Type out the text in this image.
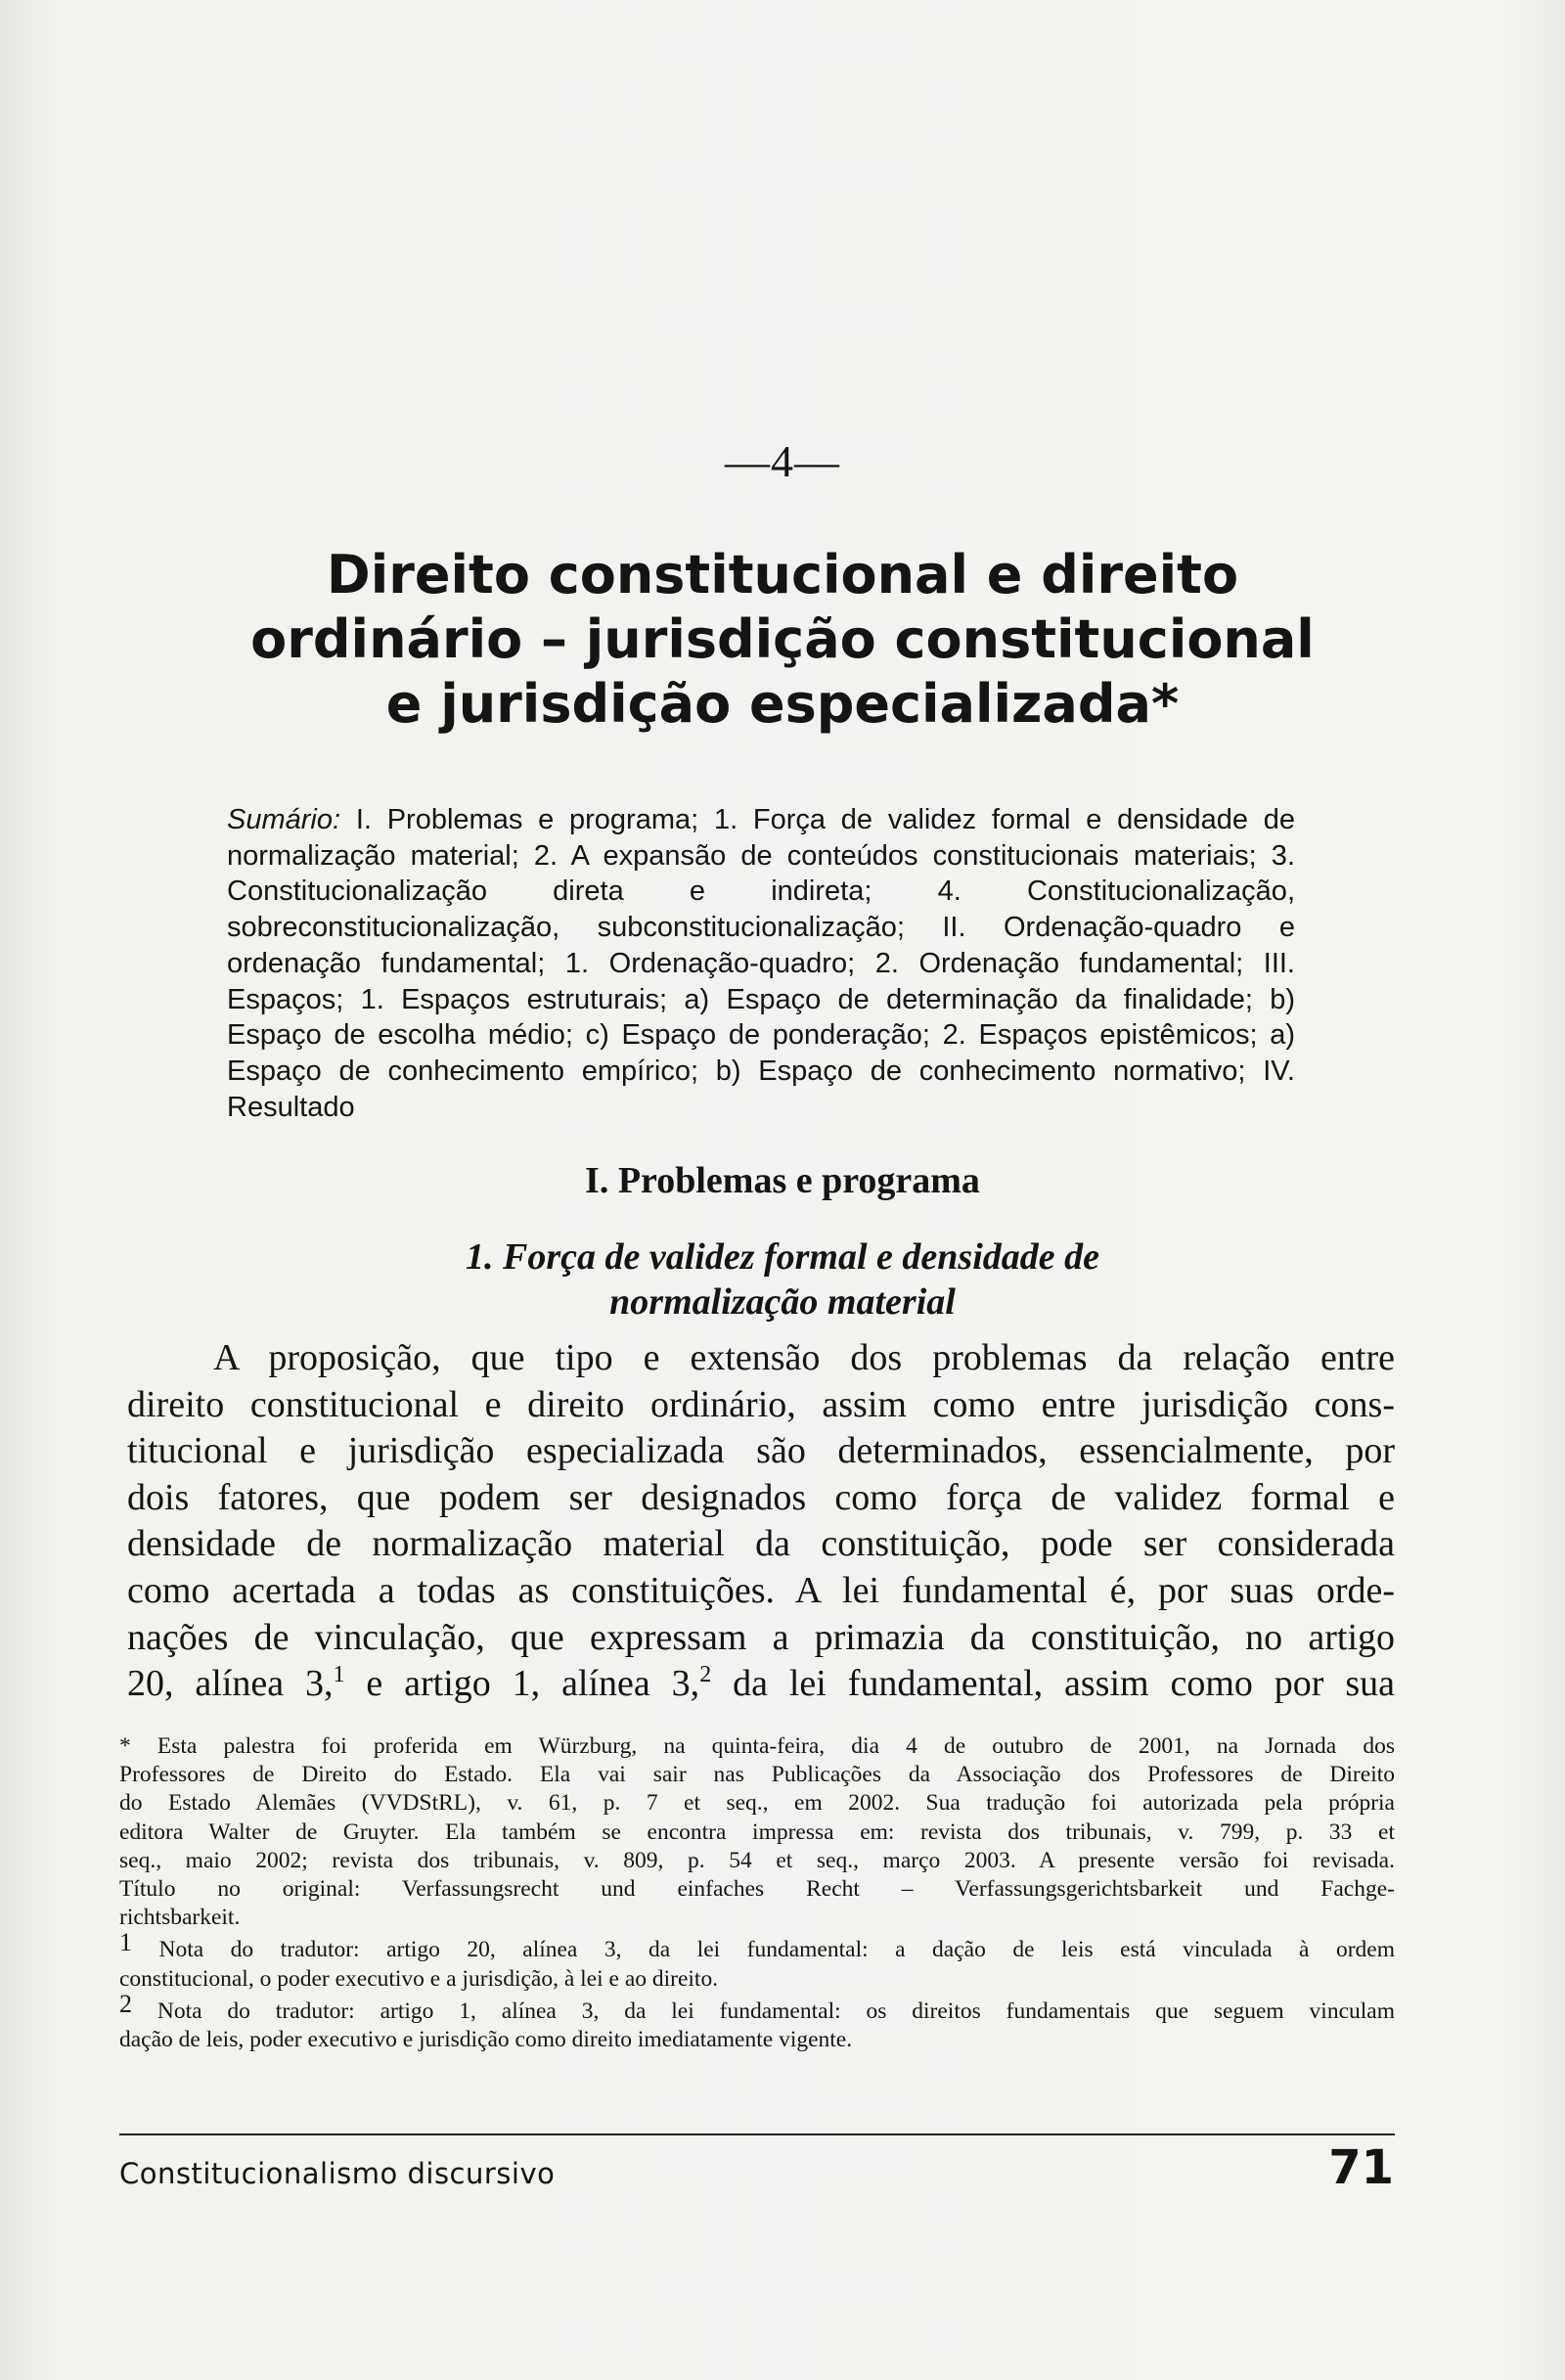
—4—
Direito constitucional e direito
ordinário – jurisdição constitucional
e jurisdição especializada*
Sumário: I. Problemas e programa; 1. Força de validez formal e densidade de normalização material; 2. A expansão de conteúdos constitucionais materiais; 3. Constitucionalização direta e indireta; 4. Constitucionalização, sobreconstitucionalização, subconstitucionalização; II. Ordenação-quadro e ordenação fundamental; 1. Ordenação-quadro; 2. Ordenação fundamental; III. Espaços; 1. Espaços estruturais; a) Espaço de determinação da finalidade; b) Espaço de escolha médio; c) Espaço de ponderação; 2. Espaços epistêmicos; a) Espaço de conhecimento empírico; b) Espaço de conhecimento normativo; IV. Resultado
I. Problemas e programa
1. Força de validez formal e densidade de
normalização material
A proposição, que tipo e extensão dos problemas da relação entre
direito constitucional e direito ordinário, assim como entre jurisdição cons-
titucional e jurisdição especializada são determinados, essencialmente, por
dois fatores, que podem ser designados como força de validez formal e
densidade de normalização material da constituição, pode ser considerada
como acertada a todas as constituições. A lei fundamental é, por suas orde-
nações de vinculação, que expressam a primazia da constituição, no artigo
20, alínea 3,$^1$ e artigo 1, alínea 3,$^2$ da lei fundamental, assim como por sua
* Esta palestra foi proferida em Würzburg, na quinta-feira, dia 4 de outubro de 2001, na Jornada dos
Professores de Direito do Estado. Ela vai sair nas Publicações da Associação dos Professores de Direito
do Estado Alemães (VVDStRL), v. 61, p. 7 et seq., em 2002. Sua tradução foi autorizada pela própria
editora Walter de Gruyter. Ela também se encontra impressa em: revista dos tribunais, v. 799, p. 33 et
seq., maio 2002; revista dos tribunais, v. 809, p. 54 et seq., março 2003. A presente versão foi revisada.
Título no original: Verfassungsrecht und einfaches Recht – Verfassungsgerichtsbarkeit und Fachge-
richtsbarkeit.
1 Nota do tradutor: artigo 20, alínea 3, da lei fundamental: a dação de leis está vinculada à ordem
constitucional, o poder executivo e a jurisdição, à lei e ao direito.
2 Nota do tradutor: artigo 1, alínea 3, da lei fundamental: os direitos fundamentais que seguem vinculam
dação de leis, poder executivo e jurisdição como direito imediatamente vigente.
Constitucionalismo discursivo	71
